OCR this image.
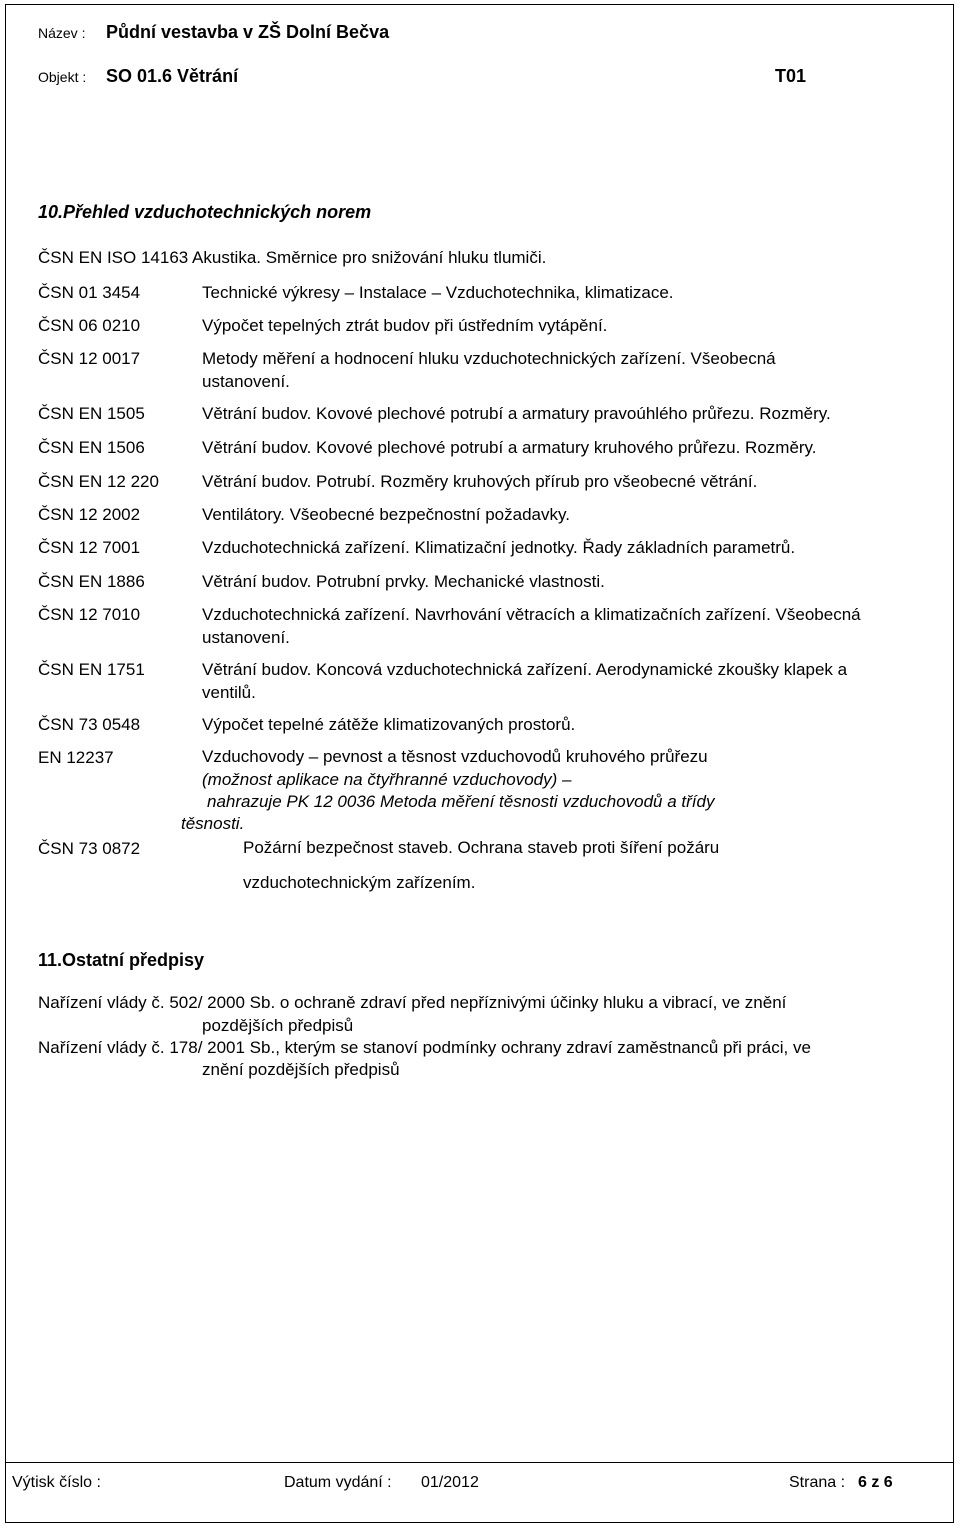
Název : Půdní vestavba v ZŠ Dolní Bečva
Objekt : SO 01.6 Větrání	T01
10.Přehled vzduchotechnických norem
ČSN EN ISO 14163 Akustika. Směrnice pro snižování hluku tlumiči.
ČSN 01 3454	Technické výkresy – Instalace – Vzduchotechnika, klimatizace.
ČSN 06 0210	Výpočet tepelných ztrát budov při ústředním vytápění.
ČSN 12 0017	Metody měření a hodnocení hluku vzduchotechnických zařízení. Všeobecná ustanovení.
ČSN EN 1505	Větrání budov. Kovové plechové potrubí a armatury pravoúhlého průřezu. Rozměry.
ČSN EN 1506	Větrání budov. Kovové plechové potrubí a armatury kruhového průřezu. Rozměry.
ČSN EN 12 220	Větrání budov. Potrubí. Rozměry kruhových přírub pro všeobecné větrání.
ČSN 12 2002	Ventilátory. Všeobecné bezpečnostní požadavky.
ČSN 12 7001	Vzduchotechnická zařízení. Klimatizační jednotky. Řady základních parametrů.
ČSN EN 1886	Větrání budov. Potrubní prvky. Mechanické vlastnosti.
ČSN 12 7010	Vzduchotechnická zařízení. Navrhování větracích a klimatizačních zařízení. Všeobecná ustanovení.
ČSN EN 1751	Větrání budov. Koncová vzduchotechnická zařízení. Aerodynamické zkoušky klapek a ventilů.
ČSN 73 0548	Výpočet tepelné zátěže klimatizovaných prostorů.
EN 12237	Vzduchovody – pevnost a těsnost vzduchovodů kruhového průřezu
(možnost aplikace na čtyřhranné vzduchovody) –
nahrazuje PK 12 0036 Metoda měření těsnosti vzduchovodů a třídy
těsnosti.
ČSN 73 0872	Požární bezpečnost staveb. Ochrana staveb proti šíření požáru
vzduchotechnickým zařízením.
11.Ostatní předpisy
Nařízení vlády č. 502/ 2000 Sb. o ochraně zdraví před nepříznivými účinky hluku a vibrací, ve znění
pozdějších předpisů
Nařízení vlády č. 178/ 2001 Sb., kterým se stanoví podmínky ochrany zdraví zaměstnanců při práci, ve
znění pozdějších předpisů
Výtisk číslo :	Datum vydání : 01/2012	Strana : 6 z 6
